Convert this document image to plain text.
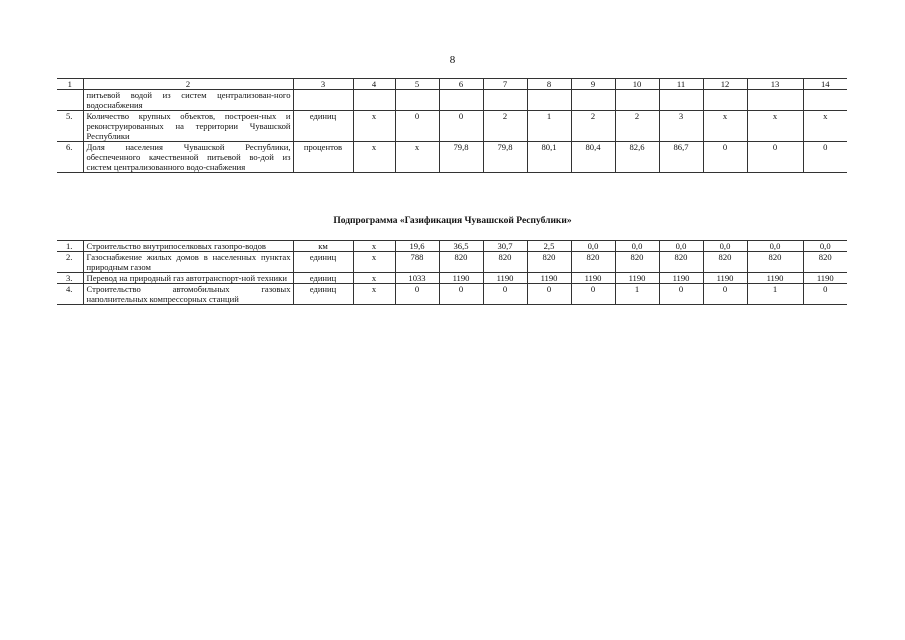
8
1	2	3	4	5	6	7	8	9	10	11	12	13	14
	питьевой водой из систем централизован-ного водоснабжения												
5.	Количество крупных объектов, построен-ных и реконструированных на территории Чувашской Республики	единиц	x	0	0	2	1	2	2	3	x	x	x
6.	Доля населения Чувашской Республики, обеспеченного качественной питьевой во-дой из систем централизованного водо-снабжения	процентов	x	x	79,8	79,8	80,1	80,4	82,6	86,7	0	0	0
Подпрограмма «Газификация Чувашской Республики»
1.	Строительство внутрипоселковых газопро-водов	км	x	19,6	36,5	30,7	2,5	0,0	0,0	0,0	0,0	0,0	0,0
2.	Газоснабжение жилых домов в населенных пунктах природным газом	единиц	x	788	820	820	820	820	820	820	820	820	820
3.	Перевод на природный газ автотранспорт-ной техники	единиц	x	1033	1190	1190	1190	1190	1190	1190	1190	1190	1190
4.	Строительство автомобильных газовых наполнительных компрессорных станций	единиц	x	0	0	0	0	0	1	0	0	1	0
